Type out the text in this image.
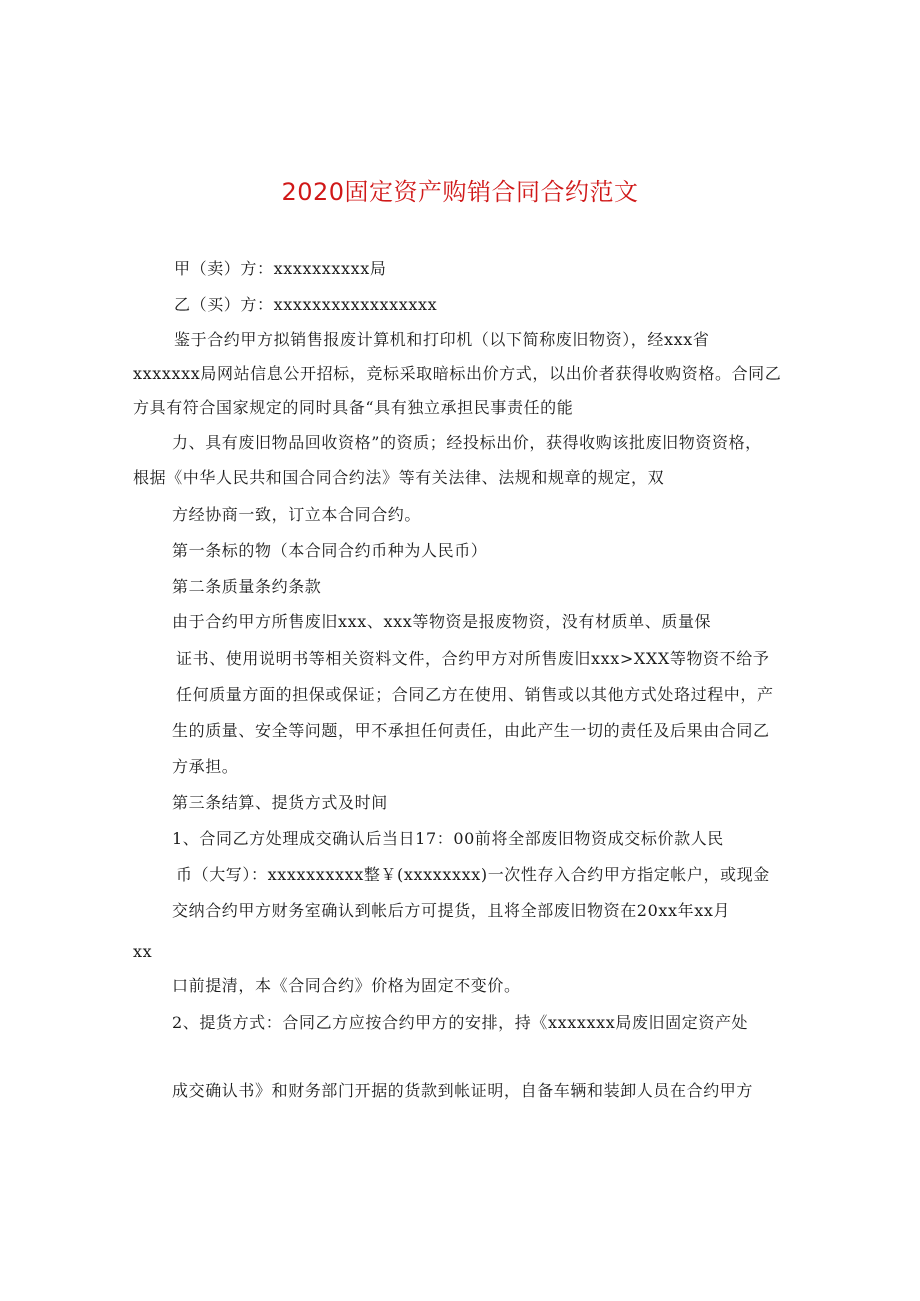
2020固定资产购销合同合约范文
甲（卖）方：xxxxxxxxxx局
乙（买）方：xxxxxxxxxxxxxxxxx
鉴于合约甲方拟销售报废计算机和打印机（以下简称废旧物资），经xxx省
xxxxxxx局网站信息公开招标，竞标采取暗标出价方式，以出价者获得收购资格。合同乙
方具有符合国家规定的同时具备“具有独立承担民事责任的能
力、具有废旧物品回收资格”的资质；经投标出价，获得收购该批废旧物资资格，
根据《中华人民共和国合同合约法》等有关法律、法规和规章的规定，双
方经协商一致，订立本合同合约。
第一条标的物（本合同合约币种为人民币）
第二条质量条约条款
由于合约甲方所售废旧xxx、xxx等物资是报废物资，没有材质单、质量保
证书、使用说明书等相关资料文件，合约甲方对所售废旧xxx>XXX等物资不给予
任何质量方面的担保或保证；合同乙方在使用、销售或以其他方式处珞过程中，产
生的质量、安全等问题，甲不承担任何责任，由此产生一切的责任及后果由合同乙
方承担。
第三条结算、提货方式及时间
1、合同乙方处理成交确认后当日17：00前将全部废旧物资成交标价款人民
币（大写）：xxxxxxxxxx整￥(xxxxxxxx)一次性存入合约甲方指定帐户，或现金
交纳合约甲方财务室确认到帐后方可提货，且将全部废旧物资在20xx年xx月
xx
口前提清，本《合同合约》价格为固定不变价。
2、提货方式：合同乙方应按合约甲方的安排，持《xxxxxxx局废旧固定资产处
成交确认书》和财务部门开据的货款到帐证明，自备车辆和装卸人员在合约甲方
